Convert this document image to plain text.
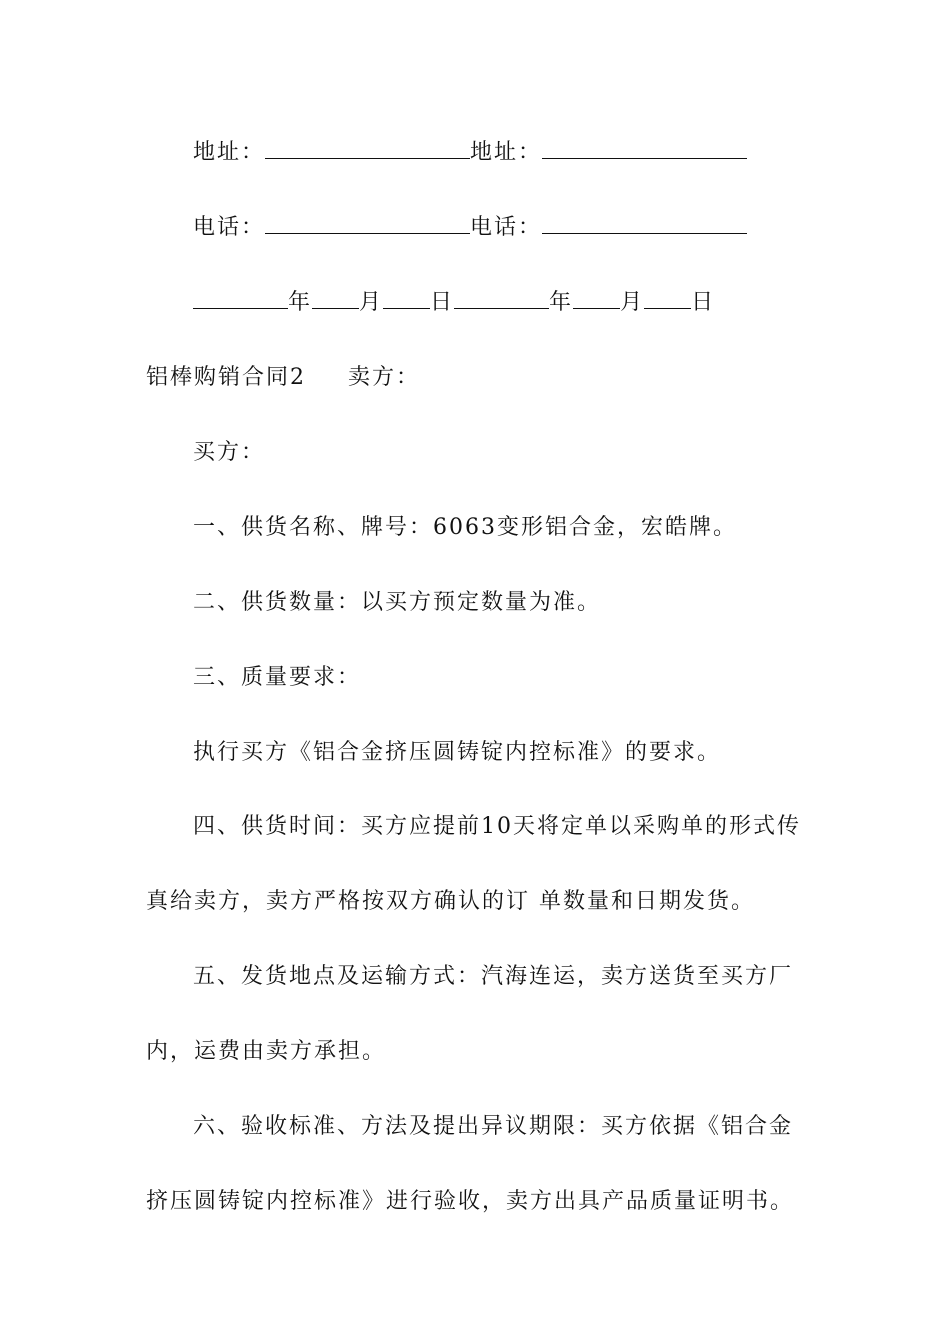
地址：	地址：
电话：	电话：
年 月 日	年 月 日
铝棒购销合同2 卖方：
买方：
一、供货名称、牌号：6063变形铝合金，宏皓牌。
二、供货数量：以买方预定数量为准。
三、质量要求：
执行买方《铝合金挤压圆铸锭内控标准》的要求。
四、供货时间：买方应提前10天将定单以采购单的形式传
真给卖方，卖方严格按双方确认的订 单数量和日期发货。
五、发货地点及运输方式：汽海连运，卖方送货至买方厂
内，运费由卖方承担。
六、验收标准、方法及提出异议期限：买方依据《铝合金
挤压圆铸锭内控标准》进行验收，卖方出具产品质量证明书。
